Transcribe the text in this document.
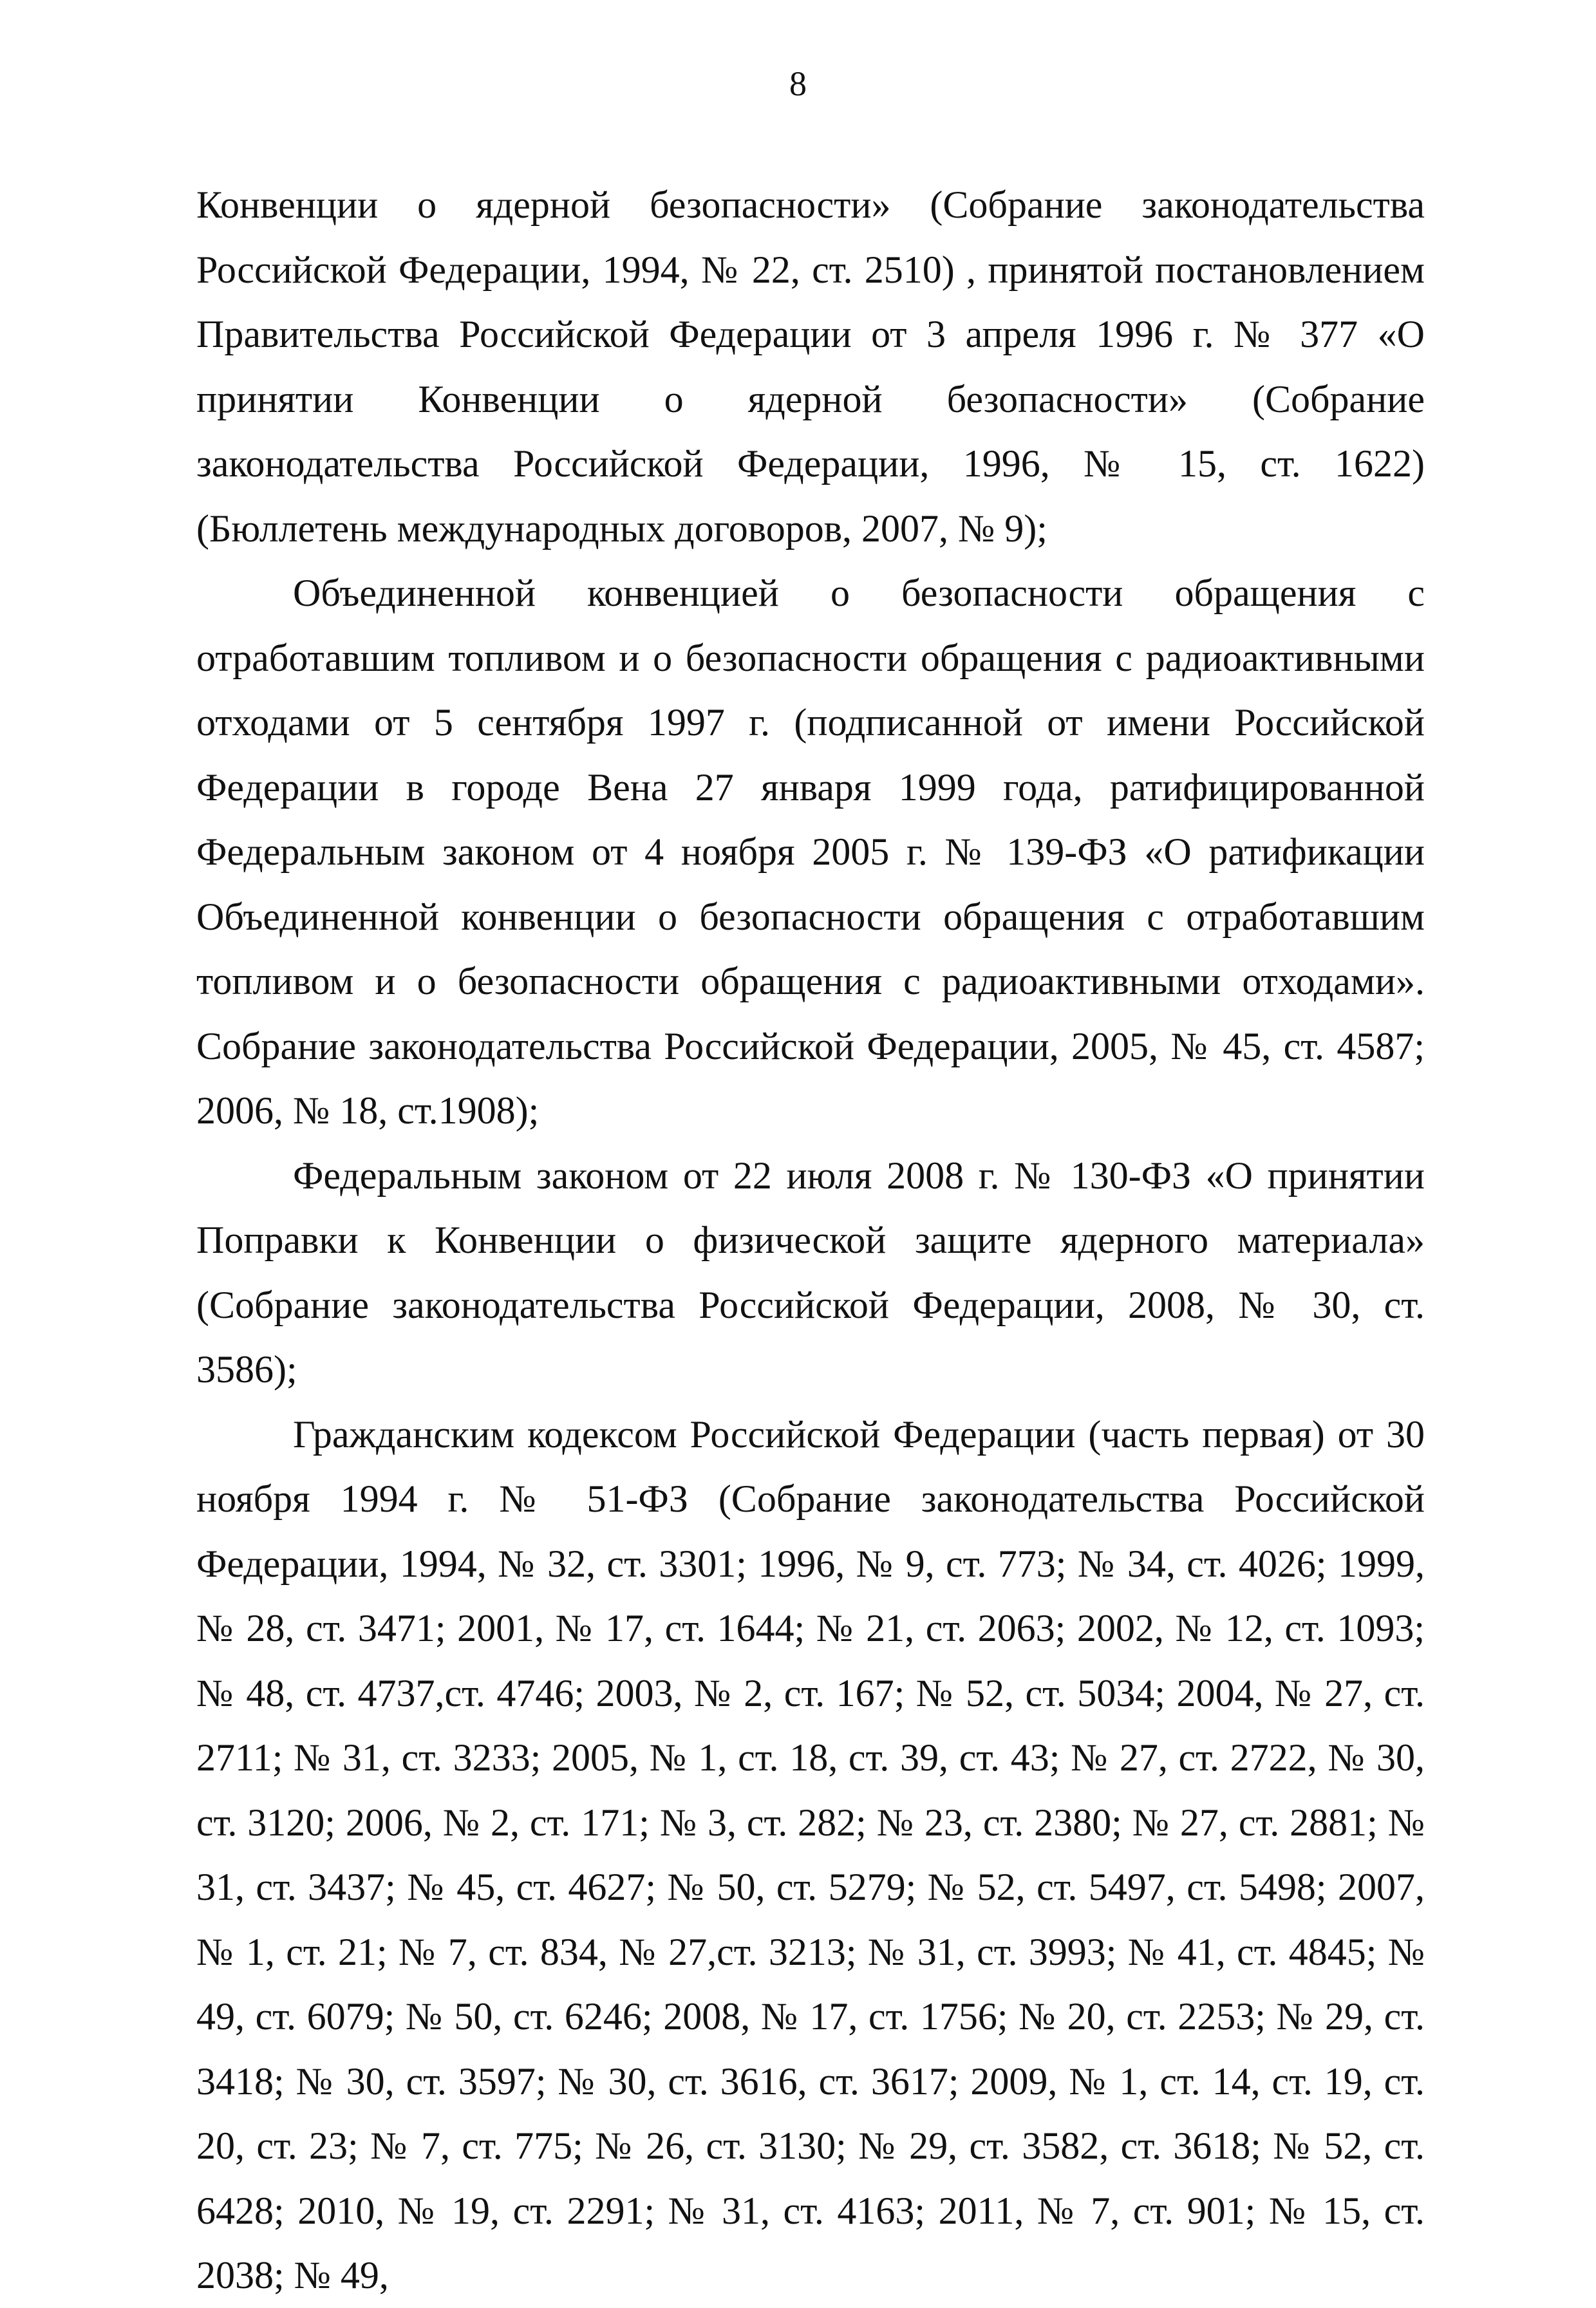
8

Конвенции о ядерной безопасности» (Собрание законодательства Российской Федерации, 1994, № 22, ст. 2510) , принятой постановлением Правительства Российской Федерации от 3 апреля 1996 г. № 377 «О принятии Конвенции о ядерной безопасности» (Собрание законодательства Российской Федерации, 1996, № 15, ст. 1622) (Бюллетень международных договоров, 2007, № 9);

Объединенной конвенцией о безопасности обращения с отработавшим топливом и о безопасности обращения с радиоактивными отходами от 5 сентября 1997 г. (подписанной от имени Российской Федерации в городе Вена 27 января 1999 года, ратифицированной Федеральным законом от 4 ноября 2005 г. № 139-ФЗ «О ратификации Объединенной конвенции о безопасности обращения с отработавшим топливом и о безопасности обращения с радиоактивными отходами». Собрание законодательства Российской Федерации, 2005, № 45, ст. 4587; 2006, № 18, ст.1908);

Федеральным законом от 22 июля 2008 г. № 130-ФЗ «О принятии Поправки к Конвенции о физической защите ядерного материала» (Собрание законодательства Российской Федерации, 2008, № 30, ст. 3586);

Гражданским кодексом Российской Федерации (часть первая) от 30 ноября 1994 г. № 51-ФЗ (Собрание законодательства Российской Федерации, 1994, № 32, ст. 3301; 1996, № 9, ст. 773; № 34, ст. 4026; 1999, № 28, ст. 3471; 2001, № 17, ст. 1644; № 21, ст. 2063; 2002, № 12, ст. 1093; № 48, ст. 4737,ст. 4746; 2003, № 2, ст. 167; № 52, ст. 5034; 2004, № 27, ст. 2711; № 31, ст. 3233; 2005, № 1, ст. 18, ст. 39, ст. 43; № 27, ст. 2722, № 30, ст. 3120; 2006, № 2, ст. 171; № 3, ст. 282; № 23, ст. 2380; № 27, ст. 2881; № 31, ст. 3437; № 45, ст. 4627; № 50, ст. 5279; № 52, ст. 5497, ст. 5498; 2007, № 1, ст. 21; № 7, ст. 834, № 27,ст. 3213; № 31, ст. 3993; № 41, ст. 4845; № 49, ст. 6079; № 50, ст. 6246; 2008, № 17, ст. 1756; № 20, ст. 2253; № 29, ст. 3418; № 30, ст. 3597; № 30, ст. 3616, ст. 3617; 2009, № 1, ст. 14, ст. 19, ст. 20, ст. 23; № 7, ст. 775; № 26, ст. 3130; № 29, ст. 3582, ст. 3618; № 52, ст. 6428; 2010, № 19, ст. 2291; № 31, ст. 4163; 2011, № 7, ст. 901; № 15, ст. 2038; № 49,
